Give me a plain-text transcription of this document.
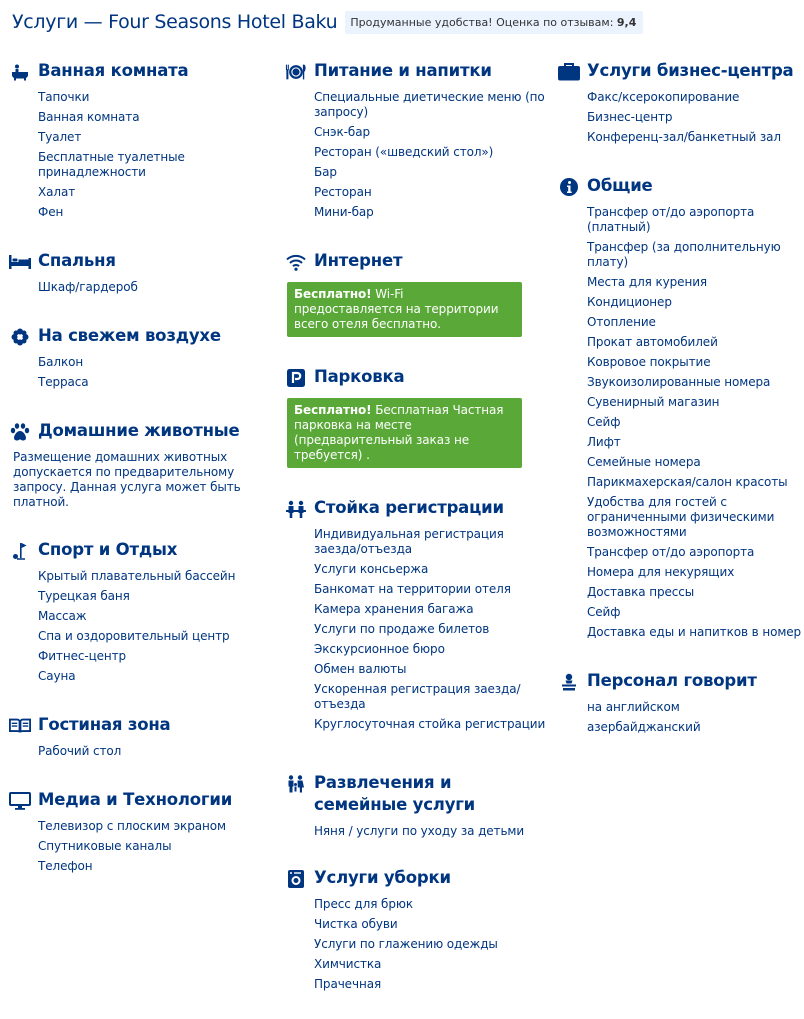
Услуги — Four Seasons Hotel Baku	Продуманные удобства! Оценка по отзывам: 9,4
Ванная комната
Тапочки
Ванная комната
Туалет
Бесплатные туалетные принадлежности
Халат
Фен
Спальня
Шкаф/гардероб
На свежем воздухе
Балкон
Терраса
Домашние животные
Размещение домашних животных допускается по предварительному запросу. Данная услуга может быть платной.
Спорт и Отдых
Крытый плавательный бассейн
Турецкая баня
Массаж
Спа и оздоровительный центр
Фитнес-центр
Сауна
Гостиная зона
Рабочий стол
Медиа и Технологии
Телевизор с плоским экраном
Спутниковые каналы
Телефон
Питание и напитки
Специальные диетические меню (по запросу)
Снэк-бар
Ресторан («шведский стол»)
Бар
Ресторан
Мини-бар
Интернет
Бесплатно! Wi-Fi предоставляется на территории всего отеля бесплатно.
Парковка
Бесплатно! Бесплатная Частная парковка на месте (предварительный заказ не требуется) .
Стойка регистрации
Индивидуальная регистрация заезда/отъезда
Услуги консьержа
Банкомат на территории отеля
Камера хранения багажа
Услуги по продаже билетов
Экскурсионное бюро
Обмен валюты
Ускоренная регистрация заезда/отъезда
Круглосуточная стойка регистрации
Развлечения и семейные услуги
Няня / услуги по уходу за детьми
Услуги уборки
Пресс для брюк
Чистка обуви
Услуги по глажению одежды
Химчистка
Прачечная
Услуги бизнес-центра
Факс/ксерокопирование
Бизнес-центр
Конференц-зал/банкетный зал
Общие
Трансфер от/до аэропорта (платный)
Трансфер (за дополнительную плату)
Места для курения
Кондиционер
Отопление
Прокат автомобилей
Ковровое покрытие
Звукоизолированные номера
Сувенирный магазин
Сейф
Лифт
Семейные номера
Парикмахерская/салон красоты
Удобства для гостей с ограниченными физическими возможностями
Трансфер от/до аэропорта
Номера для некурящих
Доставка прессы
Сейф
Доставка еды и напитков в номер
Персонал говорит
на английском
азербайджанский
